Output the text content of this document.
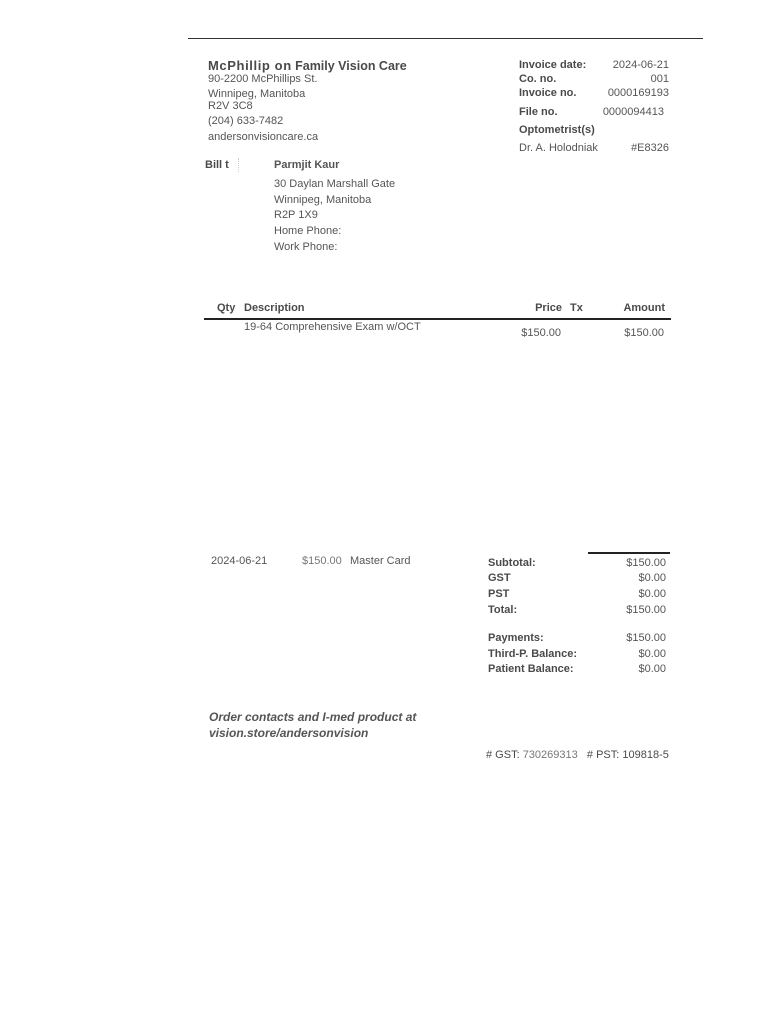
McPhillip on Family Vision Care
90-2200 McPhillips St.
Winnipeg, Manitoba
R2V 3C8
(204) 633-7482
andersonvisioncare.ca
Invoice date: 2024-06-21
Co. no.	001
Invoice no.	0000169193
File no.	0000094413
Optometrist(s)
Dr. A. Holodniak	#E8326
Bill t	Parmjit Kaur
30 Daylan Marshall Gate
Winnipeg, Manitoba
R2P 1X9
Home Phone:
Work Phone:
Qty Description	Price Tx	Amount
19-64 Comprehensive Exam w/OCT	$150.00	$150.00
2024-06-21	$150.00 Master Card	Subtotal:	$150.00
GST	$0.00
PST	$0.00
Total:	$150.00
Payments:	$150.00
Third-P. Balance:	$0.00
Patient Balance:	$0.00
Order contacts and I-med product at
vision.store/andersonvision
# GST: 730269313 # PST: 109818-5
